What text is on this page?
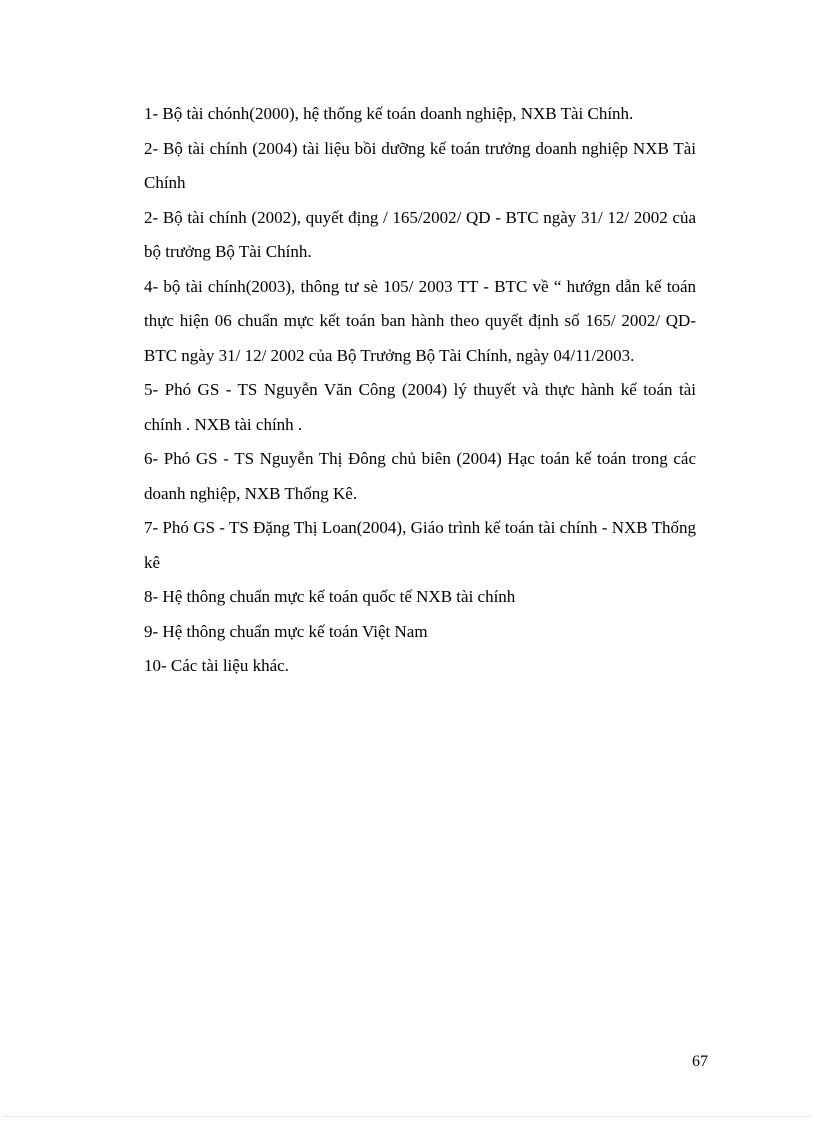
1- Bộ tài chónh(2000), hệ thống kế toán doanh nghiệp, NXB Tài Chính.

2- Bộ tài chính (2004) tài liệu bồi dưỡng kế toán trưởng doanh nghiệp NXB Tài Chính

2- Bộ tài chính (2002), quyết địng / 165/2002/ QD - BTC ngày 31/ 12/ 2002 của bộ trưởng Bộ Tài Chính.

4- bộ tài chính(2003), thông tư sè 105/ 2003 TT - BTC về “ hướgn dẫn kế toán thực hiện 06 chuẩn mực kết toán ban hành theo quyết định số 165/ 2002/ QD-BTC ngày 31/ 12/ 2002 của Bộ Trưởng Bộ Tài Chính, ngày 04/11/2003.

5- Phó GS - TS Nguyễn Văn Công (2004) lý thuyết và thực hành kế toán tài chính . NXB tài chính .

6- Phó GS - TS Nguyễn Thị Đông chủ biên (2004) Hạc toán kế toán trong các doanh nghiệp, NXB Thống Kê.

7- Phó GS - TS Đặng Thị Loan(2004), Giáo trình kế toán tài chính - NXB Thống kê

8- Hệ thông chuẩn mực kế toán quốc tế NXB tài chính

9- Hệ thông chuẩn mực kế toán Việt Nam

10- Các tài liệu khác.

67
